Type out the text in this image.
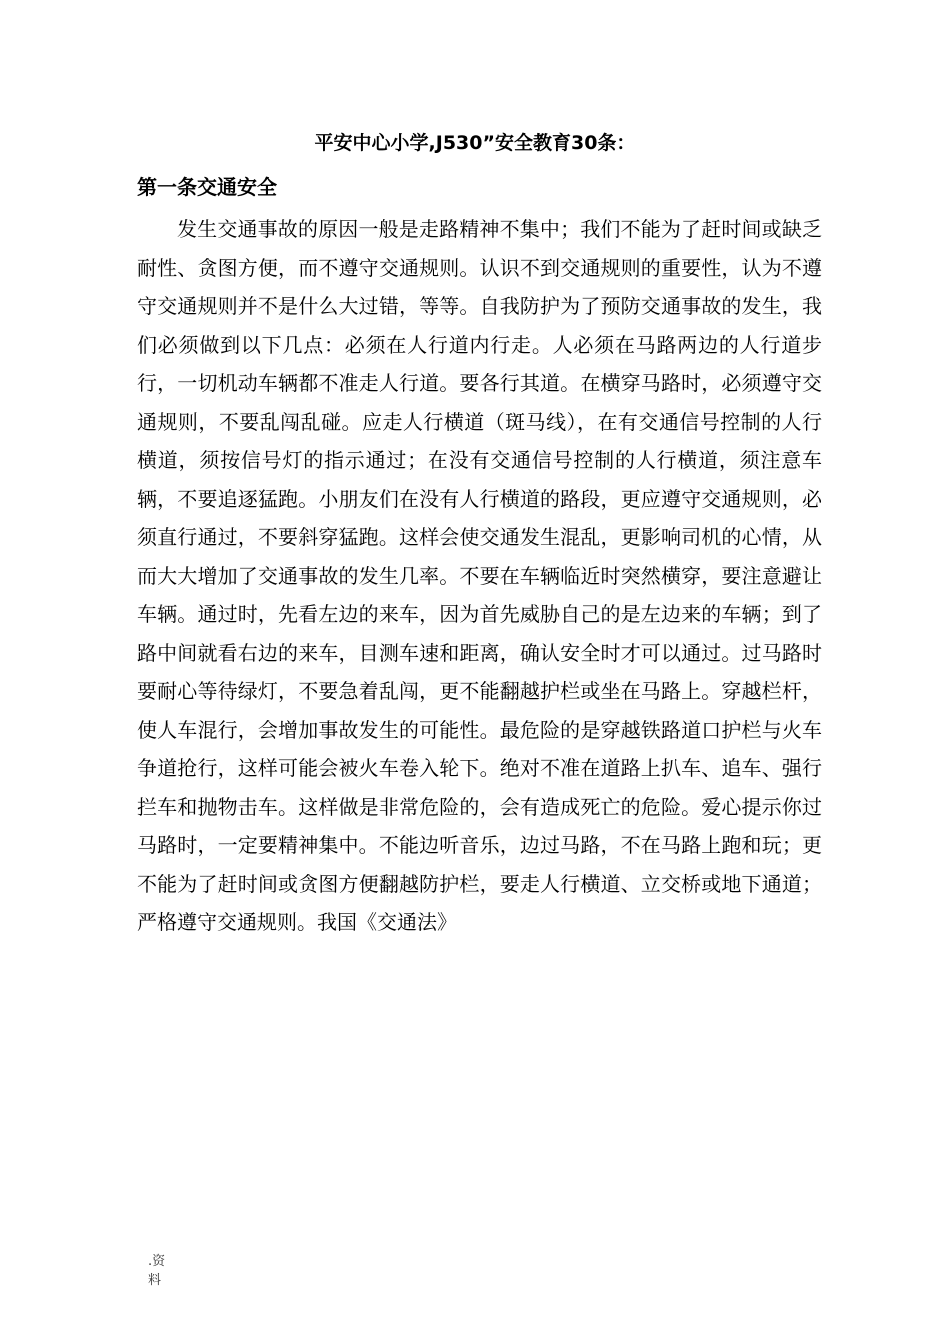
平安中心小学,J530”安全教育30条：
第一条交通安全

发生交通事故的原因一般是走路精神不集中；我们不能为了赶时间或缺乏耐性、贪图方便，而不遵守交通规则。认识不到交通规则的重要性，认为不遵守交通规则并不是什么大过错，等等。自我防护为了预防交通事故的发生，我们必须做到以下几点：必须在人行道内行走。人必须在马路两边的人行道步行，一切机动车辆都不准走人行道。要各行其道。在横穿马路时，必须遵守交通规则，不要乱闯乱碰。应走人行横道（斑马线），在有交通信号控制的人行横道，须按信号灯的指示通过；在没有交通信号控制的人行横道，须注意车辆，不要追逐猛跑。小朋友们在没有人行横道的路段，更应遵守交通规则，必须直行通过，不要斜穿猛跑。这样会使交通发生混乱，更影响司机的心情，从而大大增加了交通事故的发生几率。不要在车辆临近时突然横穿，要注意避让车辆。通过时，先看左边的来车，因为首先威胁自己的是左边来的车辆；到了路中间就看右边的来车，目测车速和距离，确认安全时才可以通过。过马路时要耐心等待绿灯，不要急着乱闯，更不能翻越护栏或坐在马路上。穿越栏杆，使人车混行，会增加事故发生的可能性。最危险的是穿越铁路道口护栏与火车争道抢行，这样可能会被火车卷入轮下。绝对不准在道路上扒车、追车、强行拦车和抛物击车。这样做是非常危险的，会有造成死亡的危险。爱心提示你过马路时，一定要精神集中。不能边听音乐，边过马路，不在马路上跑和玩；更不能为了赶时间或贪图方便翻越防护栏，要走人行横道、立交桥或地下通道；严格遵守交通规则。我国《交通法》

.资料
